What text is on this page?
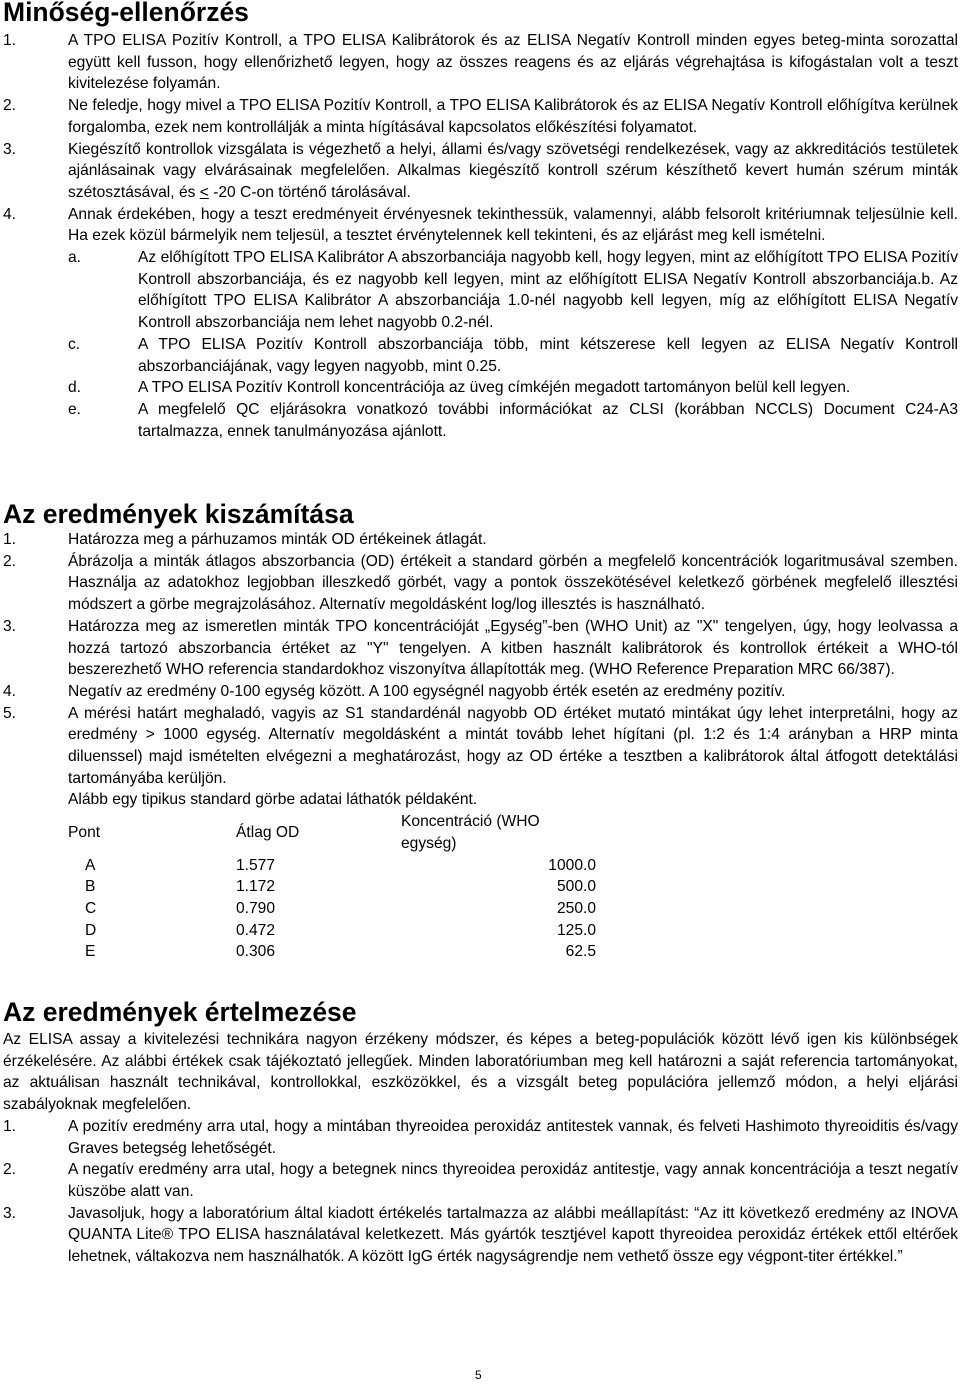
Minőség-ellenőrzés
1.	A TPO ELISA Pozitív Kontroll, a TPO ELISA Kalibrátorok és az ELISA Negatív Kontroll minden egyes beteg-minta sorozattal együtt kell fusson, hogy ellenőrizhető legyen, hogy az összes reagens és az eljárás végrehajtása is kifogástalan volt a teszt kivitelezése folyamán.
2.	Ne feledje, hogy mivel a TPO ELISA Pozitív Kontroll, a TPO ELISA Kalibrátorok és az ELISA Negatív Kontroll előhígítva kerülnek forgalomba, ezek nem kontrollálják a minta hígításával kapcsolatos előkészítési folyamatot.
3.	Kiegészítő kontrollok vizsgálata is végezhető a helyi, állami és/vagy szövetségi rendelkezések, vagy az akkreditációs testületek ajánlásainak vagy elvárásainak megfelelően. Alkalmas kiegészítő kontroll szérum készíthető kevert humán szérum minták szétosztásával, és ≤ -20 C-on történő tárolásával.
4.	Annak érdekében, hogy a teszt eredményeit érvényesnek tekinthessük, valamennyi, alább felsorolt kritériumnak teljesülnie kell. Ha ezek közül bármelyik nem teljesül, a tesztet érvénytelennek kell tekinteni, és az eljárást meg kell ismételni.
a.	Az előhígított TPO ELISA Kalibrátor A abszorbanciája nagyobb kell, hogy legyen, mint az előhígított TPO ELISA Pozitív Kontroll abszorbanciája, és ez nagyobb kell legyen, mint az előhígított ELISA Negatív Kontroll abszorbanciája.b. Az előhígított TPO ELISA Kalibrátor A abszorbanciája 1.0-nél nagyobb kell legyen, míg az előhígított ELISA Negatív Kontroll abszorbanciája nem lehet nagyobb 0.2-nél.
c.	A TPO ELISA Pozitív Kontroll abszorbanciája több, mint kétszerese kell legyen az ELISA Negatív Kontroll abszorbanciájának, vagy legyen nagyobb, mint 0.25.
d.	A TPO ELISA Pozitív Kontroll koncentrációja az üveg címkéjén megadott tartományon belül kell legyen.
e.	A megfelelő QC eljárásokra vonatkozó további információkat az CLSI (korábban NCCLS) Document C24-A3 tartalmazza, ennek tanulmányozása ajánlott.
Az eredmények kiszámítása
1.	Határozza meg a párhuzamos minták OD értékeinek átlagát.
2.	Ábrázolja a minták átlagos abszorbancia (OD) értékeit a standard görbén a megfelelő koncentrációk logaritmusával szemben. Használja az adatokhoz legjobban illeszkedő görbét, vagy a pontok összekötésével keletkező görbének megfelelő illesztési módszert a görbe megrajzolásához. Alternatív megoldásként log/log illesztés is használható.
3.	Határozza meg az ismeretlen minták TPO koncentrációját „Egység”-ben (WHO Unit) az "X" tengelyen, úgy, hogy leolvassa a hozzá tartozó abszorbancia értéket az "Y" tengelyen. A kitben használt kalibrátorok és kontrollok értékeit a WHO-tól beszerezhető WHO referencia standardokhoz viszonyítva állapították meg. (WHO Reference Preparation MRC 66/387).
4.	Negatív az eredmény 0-100 egység között. A 100 egységnél nagyobb érték esetén az eredmény pozitív.
5.	A mérési határt meghaladó, vagyis az S1 standardénál nagyobb OD értéket mutató mintákat úgy lehet interpretálni, hogy az eredmény > 1000 egység. Alternatív megoldásként a mintát tovább lehet hígítani (pl. 1:2 és 1:4 arányban a HRP minta diluenssel) majd ismételten elvégezni a meghatározást, hogy az OD értéke a tesztben a kalibrátorok által átfogott detektálási tartományába kerüljön.
Alább egy tipikus standard görbe adatai láthatók példaként.
Pont	Átlag OD	Koncentráció (WHO egység)
A	1.577	1000.0
B	1.172	500.0
C	0.790	250.0
D	0.472	125.0
E	0.306	62.5
Az eredmények értelmezése
Az ELISA assay a kivitelezési technikára nagyon érzékeny módszer, és képes a beteg-populációk között lévő igen kis különbségek érzékelésére. Az alábbi értékek csak tájékoztató jellegűek. Minden laboratóriumban meg kell határozni a saját referencia tartományokat, az aktuálisan használt technikával, kontrollokkal, eszközökkel, és a vizsgált beteg populációra jellemző módon, a helyi eljárási szabályoknak megfelelően.
1.	A pozitív eredmény arra utal, hogy a mintában thyreoidea peroxidáz antitestek vannak, és felveti Hashimoto thyreoiditis és/vagy Graves betegség lehetőségét.
2.	A negatív eredmény arra utal, hogy a betegnek nincs thyreoidea peroxidáz antitestje, vagy annak koncentrációja a teszt negatív küszöbe alatt van.
3.	Javasoljuk, hogy a laboratórium által kiadott értékelés tartalmazza az alábbi meállapítást: “Az itt következő eredmény az INOVA QUANTA Lite® TPO ELISA használatával keletkezett. Más gyártók tesztjével kapott thyreoidea peroxidáz értékek ettől eltérőek lehetnek, váltakozva nem használhatók. A között IgG érték nagyságrendje nem vethető össze egy végpont-titer értékkel.”
5
